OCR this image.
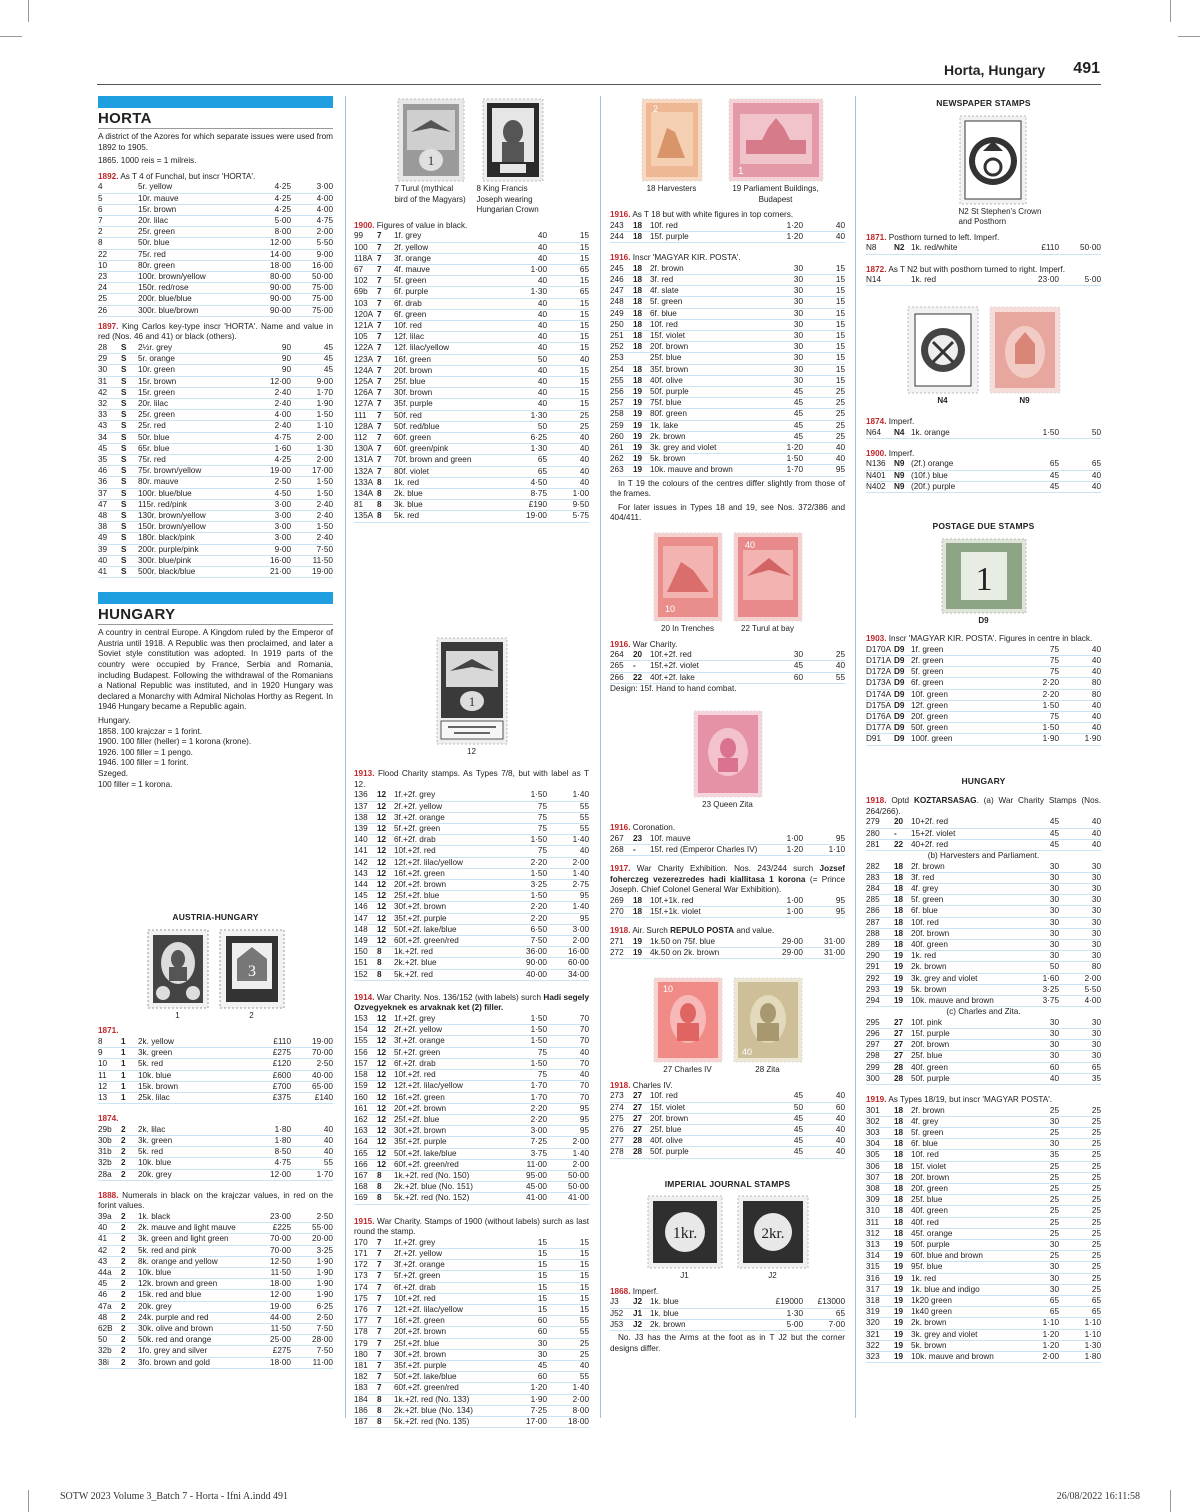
Horta, Hungary 491
HORTA

A district of the Azores for which separate issues were used from 1892 to 1905.

1865. 1000 reis = 1 milreis.

1892. As T 4 of Funchal, but inscr 'HORTA'.
4	5r. yellow	4·25	3·00
5	10r. mauve	4·25	4·00
6	15r. brown	4·25	4·00
7	20r. lilac	5·00	4·75
2	25r. green	8·00	2·00
8	50r. blue	12·00	5·50
22	75r. red	14·00	9·00
10	80r. green	18·00	16·00
23	100r. brown/yellow	80·00	50·00
24	150r. red/rose	90·00	75·00
25	200r. blue/blue	90·00	75·00
26	300r. blue/brown	90·00	75·00

1897. King Carlos key-type inscr 'HORTA'. Name and value in red (Nos. 46 and 41) or black (others).

28	S	2½r. grey	90	45
29	S	5r. orange	90	45
30	S	10r. green	90	45
31	S	15r. brown	12·00	9·00
42	S	15r. green	2·40	1·70
32	S	20r. lilac	2·40	1·90
33	S	25r. green	4·00	1·50
43	S	25r. red	2·40	1·10
34	S	50r. blue	4·75	2·00
45	S	65r. blue	1·60	1·30
35	S	75r. red	4·25	2·00
46	S	75r. brown/yellow	19·00	17·00
36	S	80r. mauve	2·50	1·50
37	S	100r. blue/blue	4·50	1·50
47	S	115r. red/pink	3·00	2·40
48	S	130r. brown/yellow	3·00	2·40
38	S	150r. brown/yellow	3·00	1·50
49	S	180r. black/pink	3·00	2·40
39	S	200r. purple/pink	9·00	7·50
40	S	300r. blue/pink	16·00	11·50
41	S	500r. black/blue	21·00	19·00
HUNGARY

A country in central Europe. A Kingdom ruled by the Emperor of Austria until 1918. A Republic was then proclaimed, and later a Soviet style constitution was adopted. In 1919 parts of the country were occupied by France, Serbia and Romania, including Budapest. Following the withdrawal of the Romanians a National Republic was instituted, and in 1920 Hungary was declared a Monarchy with Admiral Nicholas Horthy as Regent. In 1946 Hungary became a Republic again.

Hungary.
1858. 100 krajczar = 1 forint.
1900. 100 filler (heller) = 1 korona (krone).
1926. 100 filler = 1 pengo.
1946. 100 filler = 1 forint.
Szeged.
100 filler = 1 korona.
AUSTRIA-HUNGARY
1
3
2
1871.
8	1	2k. yellow	£110	19·00
9	1	3k. green	£275	70·00
10	1	5k. red	£120	2·50
11	1	10k. blue	£600	40·00
12	1	15k. brown	£700	65·00
13	1	25k. lilac	£375	£140
1874.
29b	2	2k. lilac	1·80	40
30b	2	3k. green	1·80	40
31b	2	5k. red	8·50	40
32b	2	10k. blue	4·75	55
28a	2	20k. grey	12·00	1·70

1888. Numerals in black on the krajczar values, in red on the forint values.

39a	2	1k. black	23·00	2·50
40	2	2k. mauve and light mauve	£225	55·00
41	2	3k. green and light green	70·00	20·00
42	2	5k. red and pink	70·00	3·25
43	2	8k. orange and yellow	12·50	1·90
44a	2	10k. blue	11·50	1·90
45	2	12k. brown and green	18·00	1·90
46	2	15k. red and blue	12·00	1·90
47a	2	20k. grey	19·00	6·25
48	2	24k. purple and red	44·00	2·50
62B	2	30k. olive and brown	11·50	7·50
50	2	50k. red and orange	25·00	28·00
32b	2	1fo. grey and silver	£275	7·50
38i	2	3fo. brown and gold	18·00	11·00
1
7 Turul (mythical bird of the Magyars)
8 King Francis Joseph wearing Hungarian Crown
1900. Figures of value in black.
99	7	1f. grey	40	15
100	7	2f. yellow	40	15
118A 7	3f. orange	40	15
67	7	4f. mauve	1·00	65
102	7	5f. green	40	15
69b	7	6f. purple	1·30	65
103	7	6f. drab	40	15
120A 7	6f. green	40	15
121A 7	10f. red	40	15
105	7	12f. lilac	40	15
122A 7	12f. lilac/yellow	40	15
123A 7	16f. green	50	40
124A 7	20f. brown	40	15
125A 7	25f. blue	40	15
126A 7	30f. brown	40	15
127A 7	35f. purple	40	15
111	7	50f. red	1·30	25
128A 7	50f. red/blue	50	25
112	7	60f. green	6·25	40
130A 7	60f. green/pink	1·30	40
131A 7	70f. brown and green	65	40
132A 7	80f. violet	65	40
133A 8	1k. red	4·50	40
134A 8	2k. blue	8·75	1·00
81	8	3k. blue	£190	9·50
135A 8	5k. red	19·00	5·75
1
12

1913. Flood Charity stamps. As Types 7/8, but with label as T 12.

136	12 1f.+2f. grey	1·50	1·40
137	12 2f.+2f. yellow	75	55
138	12 3f.+2f. orange	75	55
139	12 5f.+2f. green	75	55
140	12 6f.+2f. drab	1·50	1·40
141	12 10f.+2f. red	75	40
142	12 12f.+2f. lilac/yellow	2·20	2·00
143	12 16f.+2f. green	1·50	1·40
144	12 20f.+2f. brown	3·25	2·75
145	12 25f.+2f. blue	1·50	95
146	12 30f.+2f. brown	2·20	1·40
147	12 35f.+2f. purple	2·20	95
148	12 50f.+2f. lake/blue	6·50	3·00
149	12 60f.+2f. green/red	7·50	2·00
150	8	1k.+2f. red	36·00	16·00
151	8	2k.+2f. blue	90·00	60·00
152	8	5k.+2f. red	40·00	34·00

1914. War Charity. Nos. 136/152 (with labels) surch Hadi segely Ozvegyeknek es arvaknak ket (2) filler.

153	12 1f.+2f. grey	1·50	70
154	12 2f.+2f. yellow	1·50	70
155	12 3f.+2f. orange	1·50	70
156	12 5f.+2f. green	75	40
157	12 6f.+2f. drab	1·50	70
158	12 10f.+2f. red	75	40
159	12 12f.+2f. lilac/yellow	1·70	70
160	12 16f.+2f. green	1·70	70
161	12 20f.+2f. brown	2·20	95
162	12 25f.+2f. blue	2·20	95
163	12 30f.+2f. brown	3·00	95
164	12 35f.+2f. purple	7·25	2·00
165	12 50f.+2f. lake/blue	3·75	1·40
166	12 60f.+2f. green/red	11·00	2·00
167	8	1k.+2f. red (No. 150)	95·00	50·00
168	8	2k.+2f. blue (No. 151)	45·00	50·00
169	8	5k.+2f. red (No. 152)	41·00	41·00

1915. War Charity. Stamps of 1900 (without labels) surch as last round the stamp.

170	7	1f.+2f. grey	15	15
171	7	2f.+2f. yellow	15	15
172	7	3f.+2f. orange	15	15
173	7	5f.+2f. green	15	15
174	7	6f.+2f. drab	15	15
175	7	10f.+2f. red	15	15
176	7	12f.+2f. lilac/yellow	15	15
177	7	16f.+2f. green	60	55
178	7	20f.+2f. brown	60	55
179	7	25f.+2f. blue	30	25
180	7	30f.+2f. brown	30	25
181	7	35f.+2f. purple	45	40
182	7	50f.+2f. lake/blue	60	55
183	7	60f.+2f. green/red	1·20	1·40
184	8	1k.+2f. red (No. 133)	1·90	2·00
186	8	2k.+2f. blue (No. 134)	7·25	8·00
187	8	5k.+2f. red (No. 135)	17·00	18·00
2
18 Harvesters
1
19 Parliament Buildings, Budapest
1916. As T 18 but with white figures in top corners.
243	18 10f. red	1·20	40
244	18 15f. purple	1·20	40
1916. Inscr 'MAGYAR KIR. POSTA'.
245	18 2f. brown	30	15
246	18 3f. red	30	15
247	18 4f. slate	30	15
248	18 5f. green	30	15
249	18 6f. blue	30	15
250	18 10f. red	30	15
251	18 15f. violet	30	15
252	18 20f. brown	30	15
253	25f. blue	30	15
254	18 35f. brown	30	15
255	18 40f. olive	30	15
256	19 50f. purple	45	25
257	19 75f. blue	45	25
258	19 80f. green	45	25
259	19 1k. lake	45	25
260	19 2k. brown	45	25
261	19 3k. grey and violet	1·20	40
262	19 5k. brown	1·50	40
263	19 10k. mauve and brown	1·70	95

In T 19 the colours of the centres differ slightly from those of the frames.

For later issues in Types 18 and 19, see Nos. 372/386 and 404/411.

10
20 In Trenches
40
22 Turul at bay
1916. War Charity.
264	20 10f.+2f. red	30	25
265	-	15f.+2f. violet	45	40
266	22 40f.+2f. lake	60	55

Design: 15f. Hand to hand combat.

23 Queen Zita
1916. Coronation.
267	23 10f. mauve	1·00	95
268	-	15f. red (Emperor Charles IV)	1·20	1·10

1917. War Charity Exhibition. Nos. 243/244 surch Jozsef foherczeg vezerezredes hadi kiallitasa 1 korona (= Prince Joseph. Chief Colonel General War Exhibition).

269	18 10f.+1k. red	1·00	95
270	18 15f.+1k. violet	1·00	95
1918. Air. Surch REPULO POSTA and value.
271	19 1k.50 on 75f. blue	29·00	31·00
272	19 4k.50 on 2k. brown	29·00	31·00
10
27 Charles IV
40
28 Zita
1918. Charles IV.
273	27 10f. red	45	40
274	27 15f. violet	50	60
275	27 20f. brown	45	40
276	27 25f. blue	45	40
277	28 40f. olive	45	40
278	28 50f. purple	45	40
IMPERIAL JOURNAL STAMPS
1kr.
J1
2kr.
J2
1868. Imperf.
J3	J2 1k. blue	£19000	£13000
J52	J1 1k. blue	1·30	65
J53	J2 2k. brown	5·00	7·00

No. J3 has the Arms at the foot as in T J2 but the corner designs differ.

NEWSPAPER STAMPS
N2 St Stephen's Crown and Posthorn
1871. Posthorn turned to left. Imperf.
N8	N2 1k. red/white	£110	50·00

1872. As T N2 but with posthorn turned to right. Imperf.

N14	1k. red	23·00	5·00
N4	N9
1874. Imperf.
N64	N4 1k. orange	1·50	50
1900. Imperf.
N136	N9 (2f.) orange	65	65
N401	N9 (10f.) blue	45	40
N402	N9 (20f.) purple	45	40
POSTAGE DUE STAMPS
1
D9

1903. Inscr 'MAGYAR KIR. POSTA'. Figures in centre in black.

D170A D9 1f. green	75	40
D171A D9 2f. green	75	40
D172A D9 5f. green	75	40
D173A D9 6f. green	2·20	80
D174A D9 10f. green	2·20	80
D175A D9 12f. green	1·50	40
D176A D9 20f. green	75	40
D177A D9 50f. green	1·50	40
D91	D9 100f. green	1·90	1·90
HUNGARY

1918. Optd KOZTARSASAG. (a) War Charity Stamps (Nos. 264/266).

279	20 10+2f. red	45	40
280	-	15+2f. violet	45	40
281	22 40+2f. red	45	40
(b) Harvesters and Parliament.
282	18 2f. brown	30	30
283	18 3f. red	30	30
284	18 4f. grey	30	30
285	18 5f. green	30	30
286	18 6f. blue	30	30
287	18 10f. red	30	30
288	18 20f. brown	30	30
289	18 40f. green	30	30
290	19 1k. red	30	30
291	19 2k. brown	50	80
292	19 3k. grey and violet	1·60	2·00
293	19 5k. brown	3·25	5·50
294	19 10k. mauve and brown	3·75	4·00
(c) Charles and Zita.
295	27 10f. pink	30	30
296	27 15f. purple	30	30
297	27 20f. brown	30	30
298	27 25f. blue	30	30
299	28 40f. green	60	65
300	28 50f. purple	40	35
1919. As Types 18/19, but inscr 'MAGYAR POSTA'.
301	18 2f. brown	25	25
302	18 4f. grey	30	25
303	18 5f. green	25	25
304	18 6f. blue	30	25
305	18 10f. red	35	25
306	18 15f. violet	25	25
307	18 20f. brown	25	25
308	18 20f. green	25	25
309	18 25f. blue	25	25
310	18 40f. green	25	25
311	18 40f. red	25	25
312	18 45f. orange	25	25
313	19 50f. purple	30	25
314	19 60f. blue and brown	25	25
315	19 95f. blue	30	25
316	19 1k. red	30	25
317	19 1k. blue and indigo	30	25
318	19 1k20 green	65	65
319	19 1k40 green	65	65
320	19 2k. brown	1·10	1·10
321	19 3k. grey and violet	1·20	1·10
322	19 5k. brown	1·20	1·30
323	19 10k. mauve and brown	2·00	1·80
SOTW 2023 Volume 3_Batch 7 - Horta - Ifni A.indd 491	26/08/2022 16:11:58
